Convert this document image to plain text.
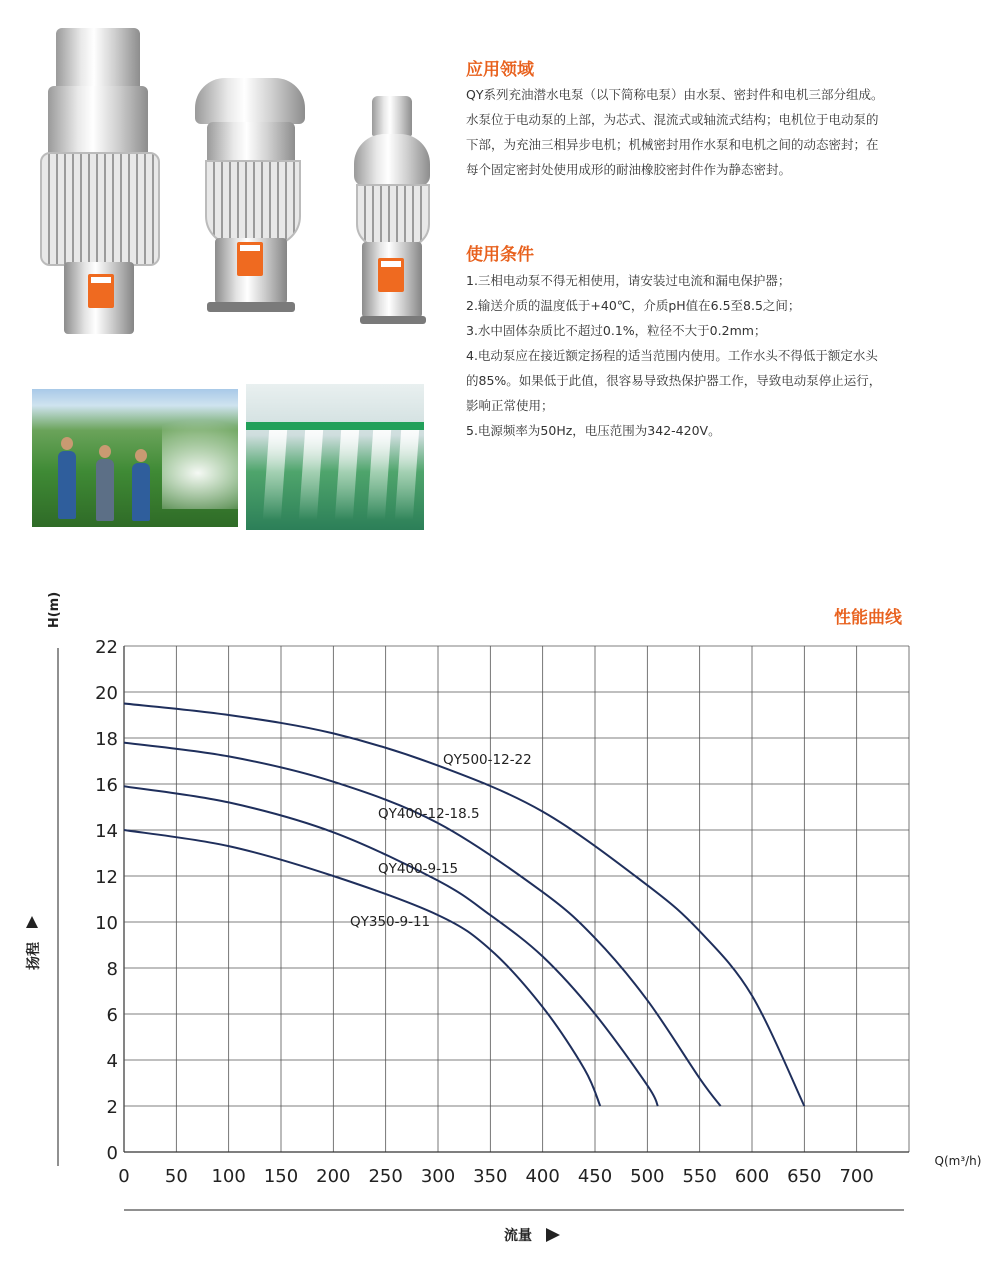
应用领域

QY系列充油潜水电泵（以下简称电泵）由水泵、密封件和电机三部分组成。

水泵位于电动泵的上部，为芯式、混流式或轴流式结构；电机位于电动泵的

下部，为充油三相异步电机；机械密封用作水泵和电机之间的动态密封；在

每个固定密封处使用成形的耐油橡胶密封件作为静态密封。

使用条件

1.三相电动泵不得无相使用，请安装过电流和漏电保护器；

2.输送介质的温度低于+40℃，介质pH值在6.5至8.5之间；

3.水中固体杂质比不超过0.1%，粒径不大于0.2mm；

4.电动泵应在接近额定扬程的适当范围内使用。工作水头不得低于额定水头

的85%。如果低于此值，很容易导致热保护器工作，导致电动泵停止运行，

影响正常使用；

5.电源频率为50Hz，电压范围为342-420V。

性能曲线
H(m)
扬程
Q(m³/h)
流量
0 50 100 150 200 250 300 350 400 450 500 550 600 650 700
0
2
4
6
8
10
12
14
16
18
20
22
QY500-12-22
QY400-12-18.5
QY400-9-15
QY350-9-11
